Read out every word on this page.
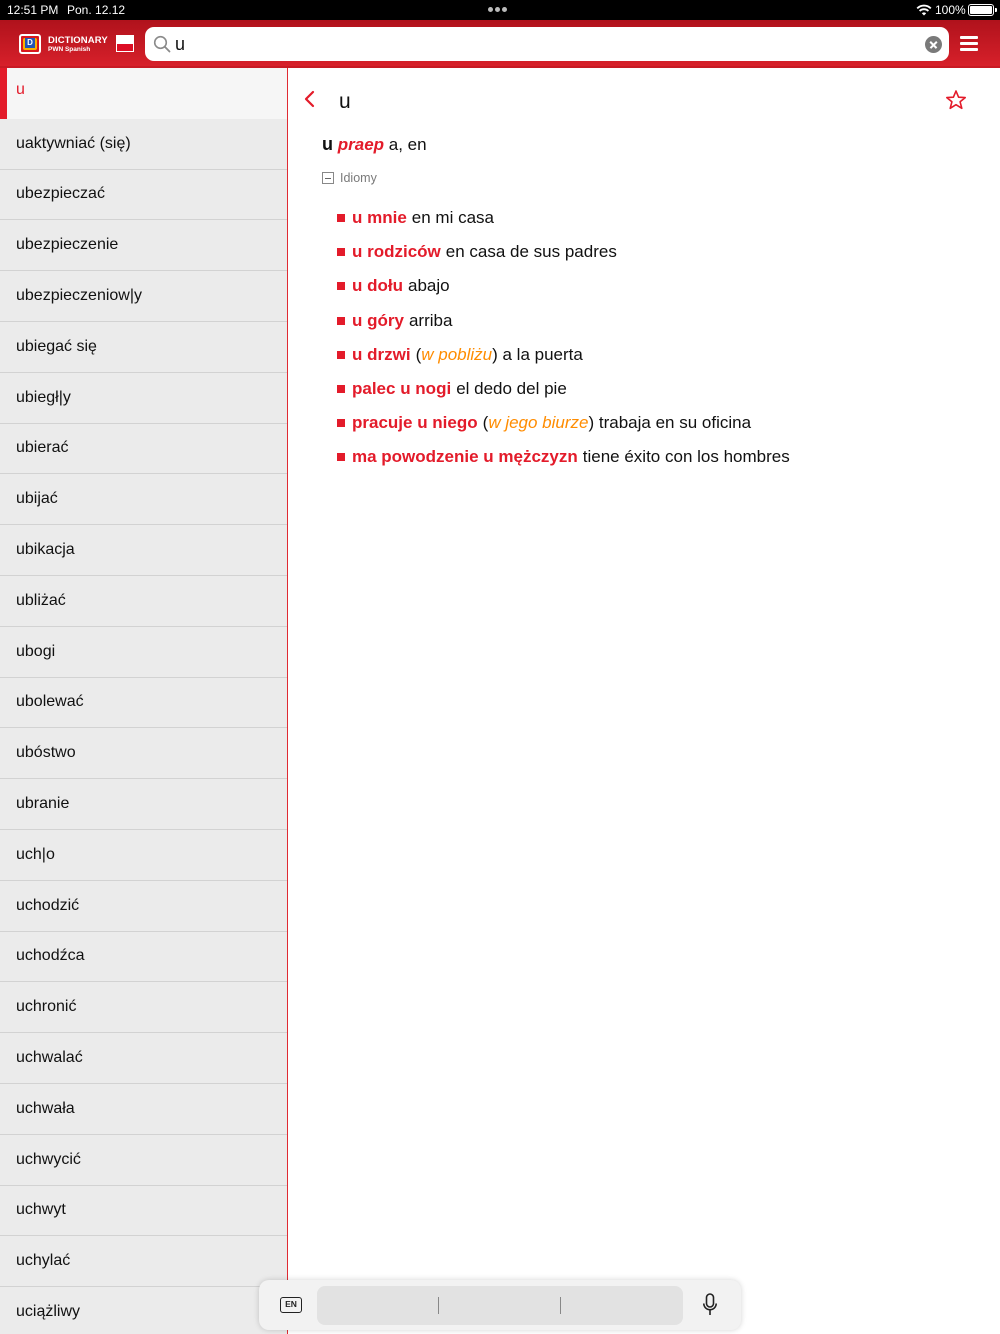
12:51 PM Pon. 12.12	100%
D
DICTIONARY
PWN Spanish
u
u
uaktywniać (się)
ubezpieczać
ubezpieczenie
ubezpieczeniow|y
ubiegać się
ubiegł|y
ubierać
ubijać
ubikacja
ubliżać
ubogi
ubolewać
ubóstwo
ubranie
uch|o
uchodzić
uchodźca
uchronić
uchwalać
uchwała
uchwycić
uchwyt
uchylać
uciążliwy
u
u praep a, en
Idiomy
u mnie en mi casa
u rodziców en casa de sus padres
u dołu abajo
u góry arriba
u drzwi ( w pobliżu ) a la puerta
palec u nogi el dedo del pie
pracuje u niego ( w jego biurze ) trabaja en su oficina
ma powodzenie u mężczyzn tiene éxito con los hombres
EN
